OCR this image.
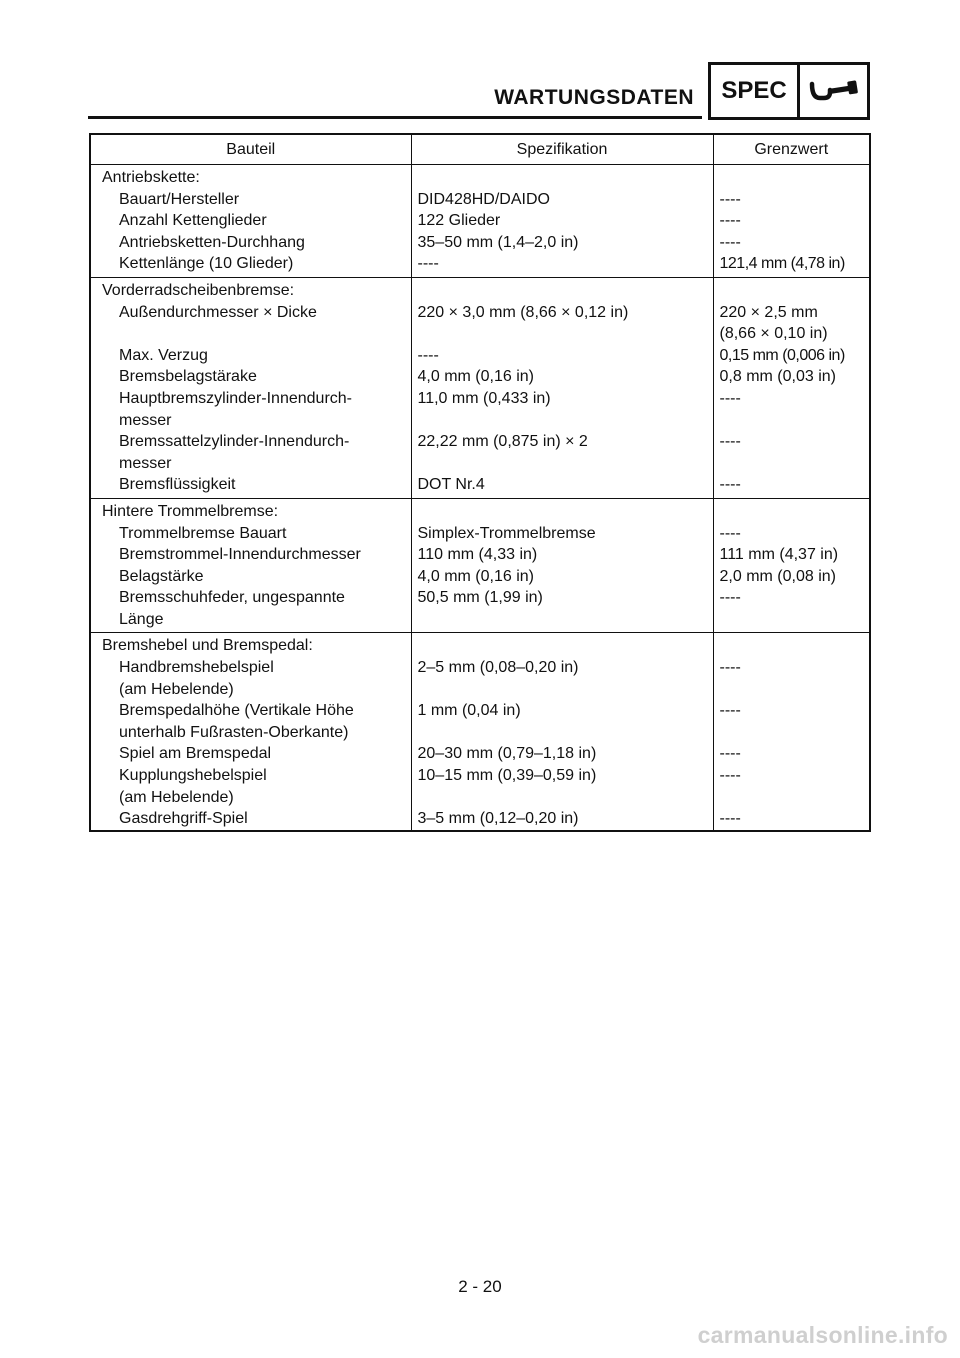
WARTUNGSDATEN	SPEC
Bauteil	Spezifikation	Grenzwert
Antriebskette:		

Bauart/Hersteller	DID428HD/DAIDO	----

Anzahl Kettenglieder	122 Glieder	----

Antriebsketten-Durchhang	35–50 mm (1,4–2,0 in)	----

Kettenlänge (10 Glieder)	----	121,4 mm (4,78 in)

Vorderradscheibenbremse:		

Außendurchmesser × Dicke	220 × 3,0 mm (8,66 × 0,12 in)	220 × 2,5 mm
(8,66 × 0,10 in)

Max. Verzug	----	0,15 mm (0,006 in)

Bremsbelagstärake	4,0 mm (0,16 in)	0,8 mm (0,03 in)

Hauptbremszylinder-Innendurch-
messer	11,0 mm (0,433 in)	----

Bremssattelzylinder-Innendurch-
messer	22,22 mm (0,875 in) × 2	----

Bremsflüssigkeit	DOT Nr.4	----

Hintere Trommelbremse:		

Trommelbremse Bauart	Simplex-Trommelbremse	----

Bremstrommel-Innendurchmesser	110 mm (4,33 in)	111 mm (4,37 in)

Belagstärke	4,0 mm (0,16 in)	2,0 mm (0,08 in)

Bremsschuhfeder, ungespannte
Länge	50,5 mm (1,99 in)	----

Bremshebel und Bremspedal:		

Handbremshebelspiel
(am Hebelende)	2–5 mm (0,08–0,20 in)	----

Bremspedalhöhe (Vertikale Höhe
unterhalb Fußrasten-Oberkante)	1 mm (0,04 in)	----

Spiel am Bremspedal	20–30 mm (0,79–1,18 in)	----

Kupplungshebelspiel
(am Hebelende)	10–15 mm (0,39–0,59 in)	----

Gasdrehgriff-Spiel	3–5 mm (0,12–0,20 in)	----
2 - 20
carmanualsonline.info
